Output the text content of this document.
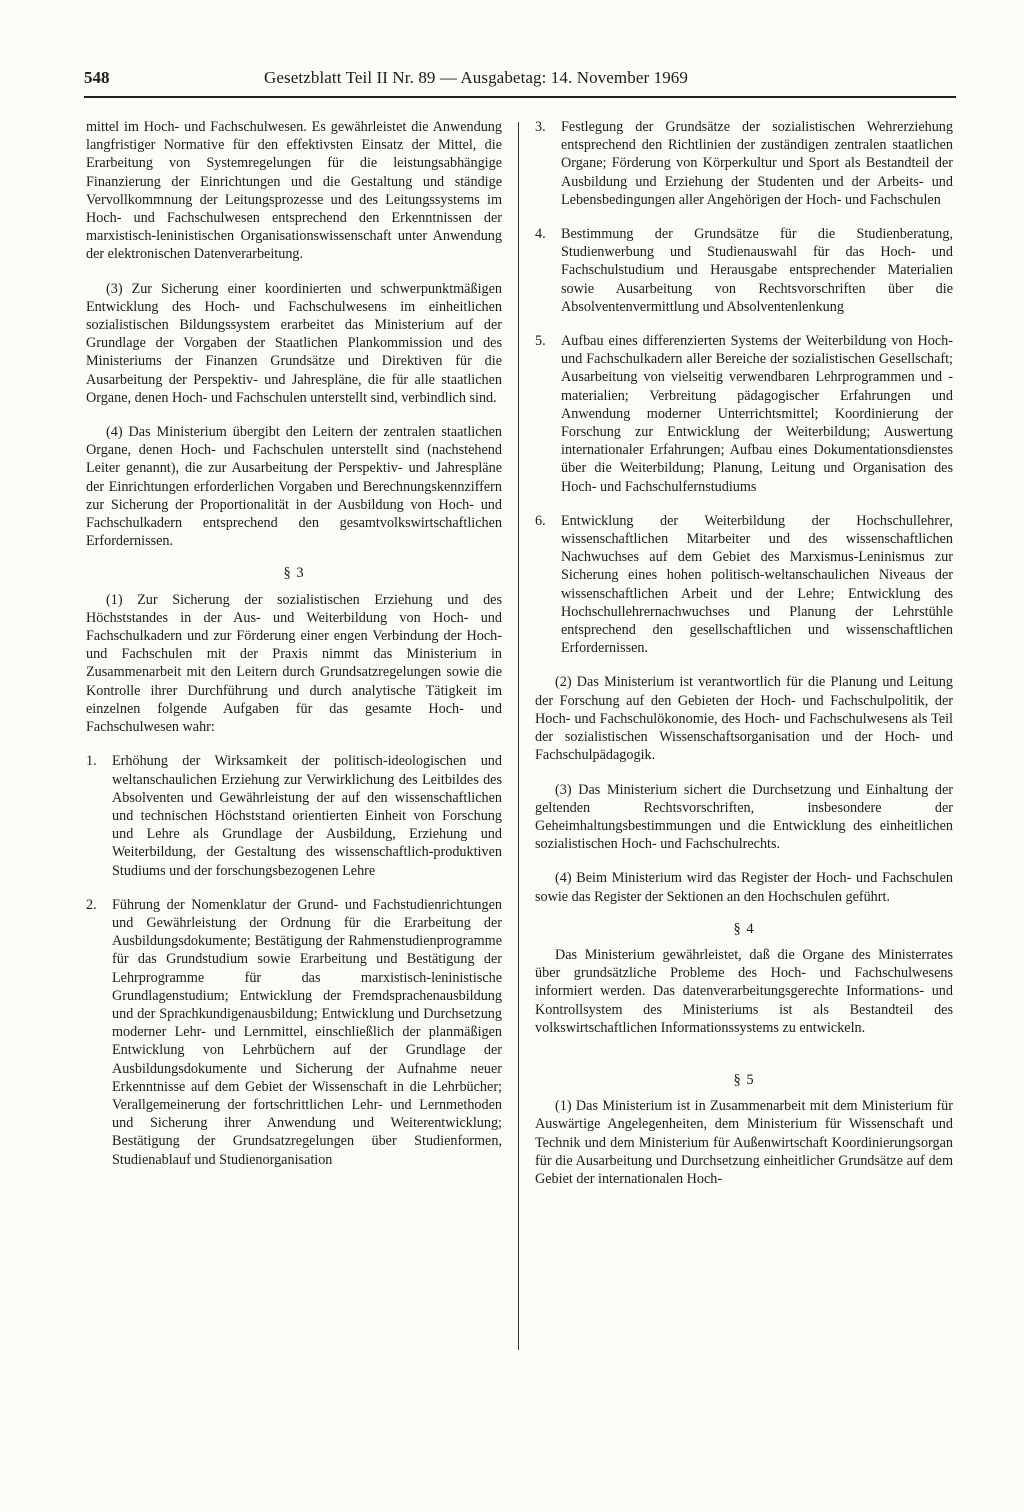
548	Gesetzblatt Teil II Nr. 89 — Ausgabetag: 14. November 1969

mittel im Hoch- und Fachschulwesen. Es gewährleistet die Anwendung langfristiger Normative für den effektivsten Einsatz der Mittel, die Erarbeitung von Systemregelungen für die leistungsabhängige Finanzierung der Einrichtungen und die Gestaltung und ständige Vervollkommnung der Leitungsprozesse und des Leitungssystems im Hoch- und Fachschulwesen entsprechend den Erkenntnissen der marxistisch-leninistischen Organisationswissenschaft unter Anwendung der elektronischen Datenverarbeitung.

(3) Zur Sicherung einer koordinierten und schwerpunktmäßigen Entwicklung des Hoch- und Fachschulwesens im einheitlichen sozialistischen Bildungssystem erarbeitet das Ministerium auf der Grundlage der Vorgaben der Staatlichen Plankommission und des Ministeriums der Finanzen Grundsätze und Direktiven für die Ausarbeitung der Perspektiv- und Jahrespläne, die für alle staatlichen Organe, denen Hoch- und Fachschulen unterstellt sind, verbindlich sind.

(4) Das Ministerium übergibt den Leitern der zentralen staatlichen Organe, denen Hoch- und Fachschulen unterstellt sind (nachstehend Leiter genannt), die zur Ausarbeitung der Perspektiv- und Jahrespläne der Einrichtungen erforderlichen Vorgaben und Berechnungskennziffern zur Sicherung der Proportionalität in der Ausbildung von Hoch- und Fachschulkadern entsprechend den gesamtvolkswirtschaftlichen Erfordernissen.

§ 3

(1) Zur Sicherung der sozialistischen Erziehung und des Höchststandes in der Aus- und Weiterbildung von Hoch- und Fachschulkadern und zur Förderung einer engen Verbindung der Hoch- und Fachschulen mit der Praxis nimmt das Ministerium in Zusammenarbeit mit den Leitern durch Grundsatzregelungen sowie die Kontrolle ihrer Durchführung und durch analytische Tätigkeit im einzelnen folgende Aufgaben für das gesamte Hoch- und Fachschulwesen wahr:

1. Erhöhung der Wirksamkeit der politisch-ideologischen und weltanschaulichen Erziehung zur Verwirklichung des Leitbildes des Absolventen und Gewährleistung der auf den wissenschaftlichen und technischen Höchststand orientierten Einheit von Forschung und Lehre als Grundlage der Ausbildung, Erziehung und Weiterbildung, der Gestaltung des wissenschaftlich-produktiven Studiums und der forschungsbezogenen Lehre

2. Führung der Nomenklatur der Grund- und Fachstudienrichtungen und Gewährleistung der Ordnung für die Erarbeitung der Ausbildungsdokumente; Bestätigung der Rahmenstudienprogramme für das Grundstudium sowie Erarbeitung und Bestätigung der Lehrprogramme für das marxistisch-leninistische Grundlagenstudium; Entwicklung der Fremdsprachenausbildung und der Sprachkundigenausbildung; Entwicklung und Durchsetzung moderner Lehr- und Lernmittel, einschließlich der planmäßigen Entwicklung von Lehrbüchern auf der Grundlage der Ausbildungsdokumente und Sicherung der Aufnahme neuer Erkenntnisse auf dem Gebiet der Wissenschaft in die Lehrbücher; Verallgemeinerung der fortschrittlichen Lehr- und Lernmethoden und Sicherung ihrer Anwendung und Weiterentwicklung; Bestätigung der Grundsatzregelungen über Studienformen, Studienablauf und Studienorganisation

3. Festlegung der Grundsätze der sozialistischen Wehrerziehung entsprechend den Richtlinien der zuständigen zentralen staatlichen Organe; Förderung von Körperkultur und Sport als Bestandteil der Ausbildung und Erziehung der Studenten und der Arbeits- und Lebensbedingungen aller Angehörigen der Hoch- und Fachschulen

4. Bestimmung der Grundsätze für die Studienberatung, Studienwerbung und Studienauswahl für das Hoch- und Fachschulstudium und Herausgabe entsprechender Materialien sowie Ausarbeitung von Rechtsvorschriften über die Absolventenvermittlung und Absolventenlenkung

5. Aufbau eines differenzierten Systems der Weiterbildung von Hoch- und Fachschulkadern aller Bereiche der sozialistischen Gesellschaft; Ausarbeitung von vielseitig verwendbaren Lehrprogrammen und -materialien; Verbreitung pädagogischer Erfahrungen und Anwendung moderner Unterrichtsmittel; Koordinierung der Forschung zur Entwicklung der Weiterbildung; Auswertung internationaler Erfahrungen; Aufbau eines Dokumentationsdienstes über die Weiterbildung; Planung, Leitung und Organisation des Hoch- und Fachschulfernstudiums

6. Entwicklung der Weiterbildung der Hochschullehrer, wissenschaftlichen Mitarbeiter und des wissenschaftlichen Nachwuchses auf dem Gebiet des Marxismus-Leninismus zur Sicherung eines hohen politisch-weltanschaulichen Niveaus der wissenschaftlichen Arbeit und der Lehre; Entwicklung des Hochschullehrernachwuchses und Planung der Lehrstühle entsprechend den gesellschaftlichen und wissenschaftlichen Erfordernissen.

(2) Das Ministerium ist verantwortlich für die Planung und Leitung der Forschung auf den Gebieten der Hoch- und Fachschulpolitik, der Hoch- und Fachschulökonomie, des Hoch- und Fachschulwesens als Teil der sozialistischen Wissenschaftsorganisation und der Hoch- und Fachschulpädagogik.

(3) Das Ministerium sichert die Durchsetzung und Einhaltung der geltenden Rechtsvorschriften, insbesondere der Geheimhaltungsbestimmungen und die Entwicklung des einheitlichen sozialistischen Hoch- und Fachschulrechts.

(4) Beim Ministerium wird das Register der Hoch- und Fachschulen sowie das Register der Sektionen an den Hochschulen geführt.

§ 4

Das Ministerium gewährleistet, daß die Organe des Ministerrates über grundsätzliche Probleme des Hoch- und Fachschulwesens informiert werden. Das datenverarbeitungsgerechte Informations- und Kontrollsystem des Ministeriums ist als Bestandteil des volkswirtschaftlichen Informationssystems zu entwickeln.

§ 5

(1) Das Ministerium ist in Zusammenarbeit mit dem Ministerium für Auswärtige Angelegenheiten, dem Ministerium für Wissenschaft und Technik und dem Ministerium für Außenwirtschaft Koordinierungsorgan für die Ausarbeitung und Durchsetzung einheitlicher Grundsätze auf dem Gebiet der internationalen Hoch-
